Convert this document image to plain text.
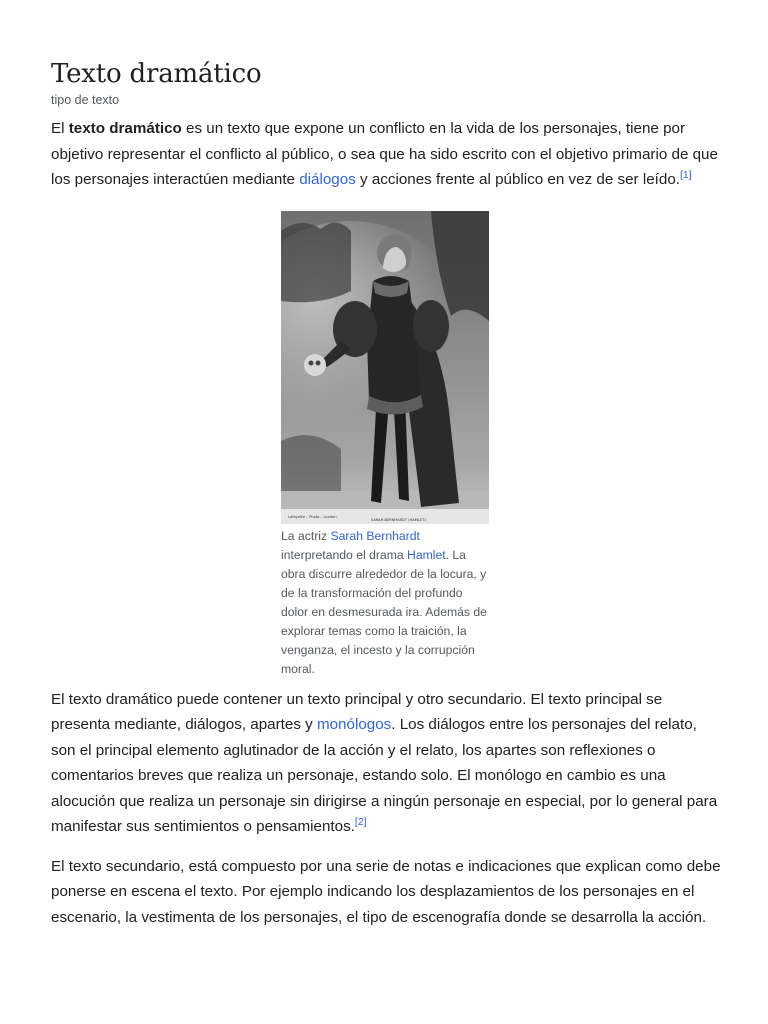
Texto dramático
tipo de texto

El texto dramático es un texto que expone un conflicto en la vida de los personajes, tiene por objetivo representar el conflicto al público, o sea que ha sido escrito con el objetivo primario de que los personajes interactúen mediante diálogos y acciones frente al público en vez de ser leído.[1]

Lafayette – Photo – London.
SARAH-BERNHARDT (HAMLET.)
La actriz Sarah Bernhardt interpretando el drama Hamlet. La obra discurre alrededor de la locura, y de la transformación del profundo dolor en desmesurada ira. Además de explorar temas como la traición, la venganza, el incesto y la corrupción moral.

El texto dramático puede contener un texto principal y otro secundario. El texto principal se presenta mediante, diálogos, apartes y monólogos. Los diálogos entre los personajes del relato, son el principal elemento aglutinador de la acción y el relato, los apartes son reflexiones o comentarios breves que realiza un personaje, estando solo. El monólogo en cambio es una alocución que realiza un personaje sin dirigirse a ningún personaje en especial, por lo general para manifestar sus sentimientos o pensamientos.[2]

El texto secundario, está compuesto por una serie de notas e indicaciones que explican como debe ponerse en escena el texto. Por ejemplo indicando los desplazamientos de los personajes en el escenario, la vestimenta de los personajes, el tipo de escenografía donde se desarrolla la acción.
